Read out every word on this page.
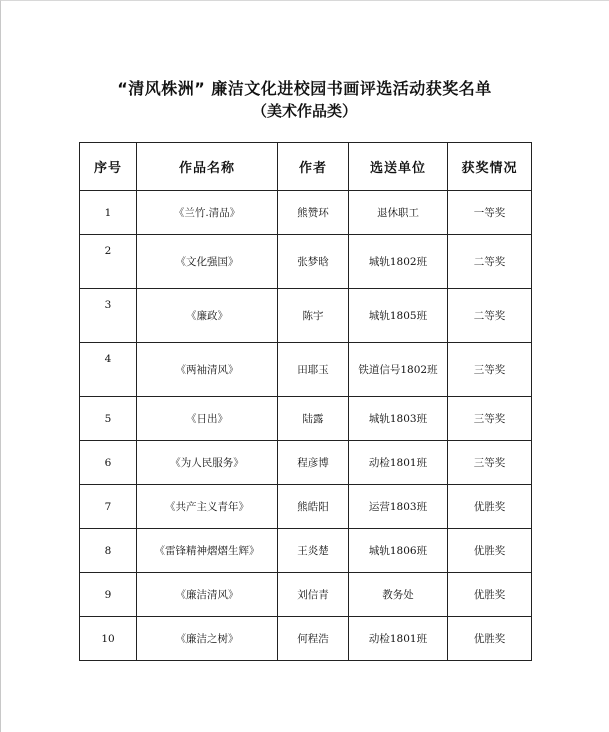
“清风株洲” 廉洁文化进校园书画评选活动获奖名单
（美术作品类）
序号	作品名称	作者	选送单位	获奖情况
1	《兰竹.清品》	熊赞环	退休职工	一等奖
2	《文化强国》	张梦晗	城轨1802班	二等奖
3	《廉政》	陈宇	城轨1805班	二等奖
4	《两袖清风》	田耶玉	铁道信号1802班	三等奖
5	《日出》	陆露	城轨1803班	三等奖
6	《为人民服务》	程彦博	动检1801班	三等奖
7	《共产主义青年》	熊皓阳	运营1803班	优胜奖
8	《雷锋精神熠熠生辉》	王炎楚	城轨1806班	优胜奖
9	《廉洁清风》	刘信青	教务处	优胜奖
10	《廉洁之树》	何程浩	动检1801班	优胜奖
